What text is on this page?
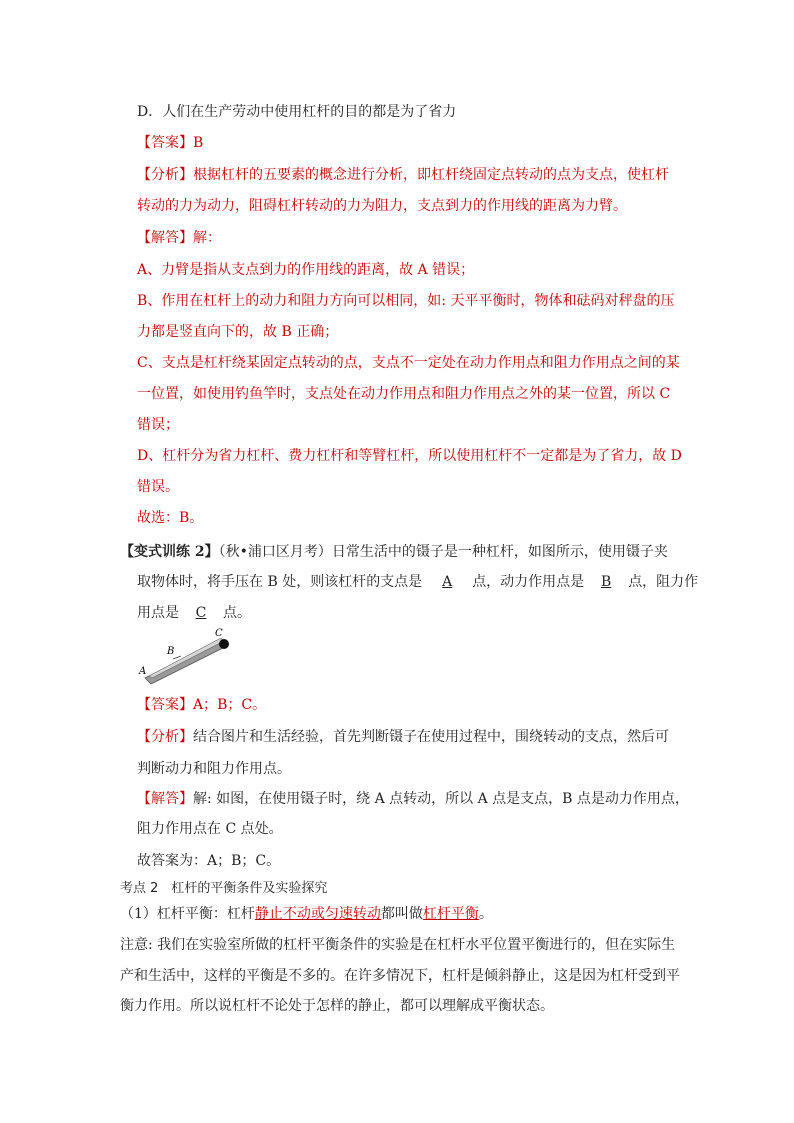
D．人们在生产劳动中使用杠杆的目的都是为了省力
【答案】B
【分析】根据杠杆的五要素的概念进行分析，即杠杆绕固定点转动的点为支点，使杠杆
转动的力为动力，阻碍杠杆转动的力为阻力，支点到力的作用线的距离为力臂。
【解答】解：
A、力臂是指从支点到力的作用线的距离，故 A 错误；
B、作用在杠杆上的动力和阻力方向可以相同，如: 天平平衡时，物体和砝码对秤盘的压
力都是竖直向下的，故 B 正确；
C、支点是杠杆绕某固定点转动的点，支点不一定处在动力作用点和阻力作用点之间的某
一位置，如使用钓鱼竿时，支点处在动力作用点和阻力作用点之外的某一位置，所以 C
错误；
D、杠杆分为省力杠杆、费力杠杆和等臂杠杆，所以使用杠杆不一定都是为了省力，故 D
错误。
故选：B。
【变式训练 2】（秋•浦口区月考）日常生活中的镊子是一种杠杆，如图所示，使用镊子夹
取物体时，将手压在 B 处，则该杠杆的支点是 A 点，动力作用点是 B 点，阻力作
用点是 C 点。
A
B
C
【答案】A；B；C。
【分析】结合图片和生活经验，首先判断镊子在使用过程中，围绕转动的支点，然后可
判断动力和阻力作用点。
【解答】解: 如图，在使用镊子时，绕 A 点转动，所以 A 点是支点，B 点是动力作用点，
阻力作用点在 C 点处。
故答案为：A；B；C。
考点 2　杠杆的平衡条件及实验探究
（1）杠杆平衡：杠杆静止不动或匀速转动都叫做杠杆平衡。
注意: 我们在实验室所做的杠杆平衡条件的实验是在杠杆水平位置平衡进行的，但在实际生
产和生活中，这样的平衡是不多的。在许多情况下，杠杆是倾斜静止，这是因为杠杆受到平
衡力作用。所以说杠杆不论处于怎样的静止，都可以理解成平衡状态。
